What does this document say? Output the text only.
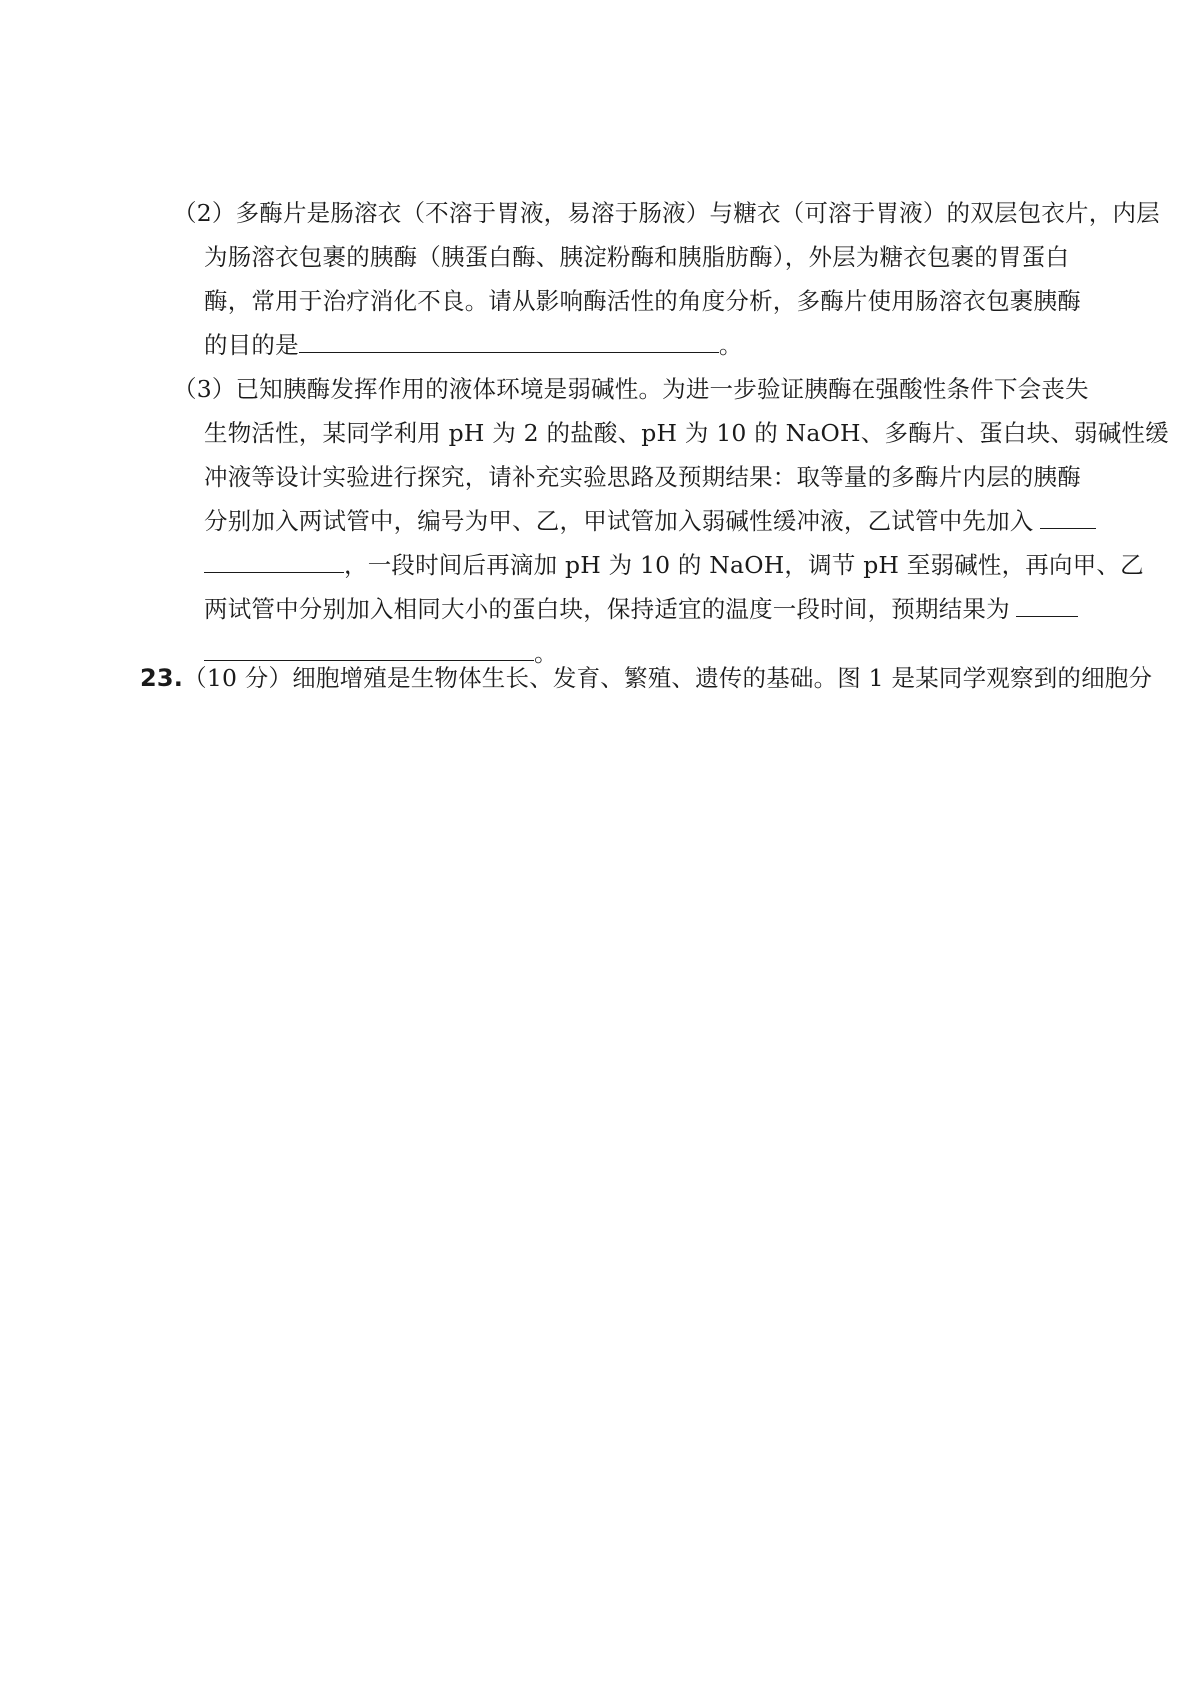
（2）多酶片是肠溶衣（不溶于胃液，易溶于肠液）与糖衣（可溶于胃液）的双层包衣片，内层
为肠溶衣包裹的胰酶（胰蛋白酶、胰淀粉酶和胰脂肪酶），外层为糖衣包裹的胃蛋白
酶，常用于治疗消化不良。请从影响酶活性的角度分析，多酶片使用肠溶衣包裹胰酶
的目的是	。
（3）已知胰酶发挥作用的液体环境是弱碱性。为进一步验证胰酶在强酸性条件下会丧失
生物活性，某同学利用 pH 为 2 的盐酸、pH 为 10 的 NaOH、多酶片、蛋白块、弱碱性缓
冲液等设计实验进行探究，请补充实验思路及预期结果：取等量的多酶片内层的胰酶
分别加入两试管中，编号为甲、乙，甲试管加入弱碱性缓冲液，乙试管中先加入
，一段时间后再滴加 pH 为 10 的 NaOH，调节 pH 至弱碱性，再向甲、乙
两试管中分别加入相同大小的蛋白块，保持适宜的温度一段时间，预期结果为
。
23.（10 分）细胞增殖是生物体生长、发育、繁殖、遗传的基础。图 1 是某同学观察到的细胞分
